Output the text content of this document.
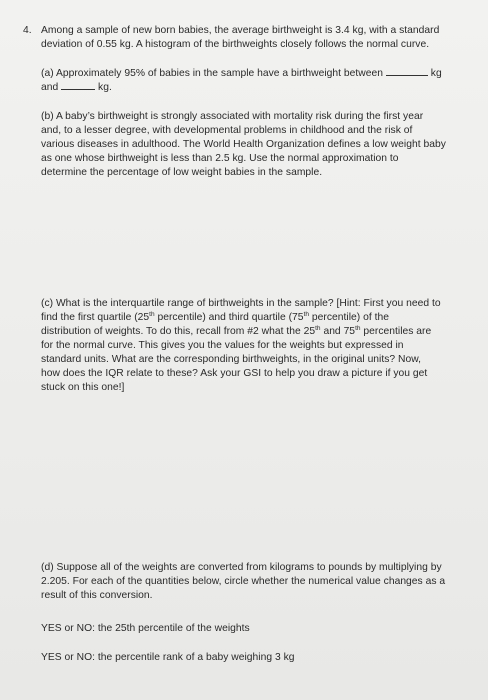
4. Among a sample of new born babies, the average birthweight is 3.4 kg, with a standard
deviation of 0.55 kg. A histogram of the birthweights closely follows the normal curve.
(a) Approximately 95% of babies in the sample have a birthweight between	kg
and	kg.
(b) A baby’s birthweight is strongly associated with mortality risk during the first year
and, to a lesser degree, with developmental problems in childhood and the risk of
various diseases in adulthood. The World Health Organization defines a low weight baby
as one whose birthweight is less than 2.5 kg. Use the normal approximation to
determine the percentage of low weight babies in the sample.
(c) What is the interquartile range of birthweights in the sample? [Hint: First you need to
find the first quartile (25th percentile) and third quartile (75th percentile) of the
distribution of weights. To do this, recall from #2 what the 25th and 75th percentiles are
for the normal curve. This gives you the values for the weights but expressed in
standard units. What are the corresponding birthweights, in the original units? Now,
how does the IQR relate to these? Ask your GSI to help you draw a picture if you get
stuck on this one!]
(d) Suppose all of the weights are converted from kilograms to pounds by multiplying by
2.205. For each of the quantities below, circle whether the numerical value changes as a
result of this conversion.
YES or NO: the 25th percentile of the weights
YES or NO: the percentile rank of a baby weighing 3 kg
